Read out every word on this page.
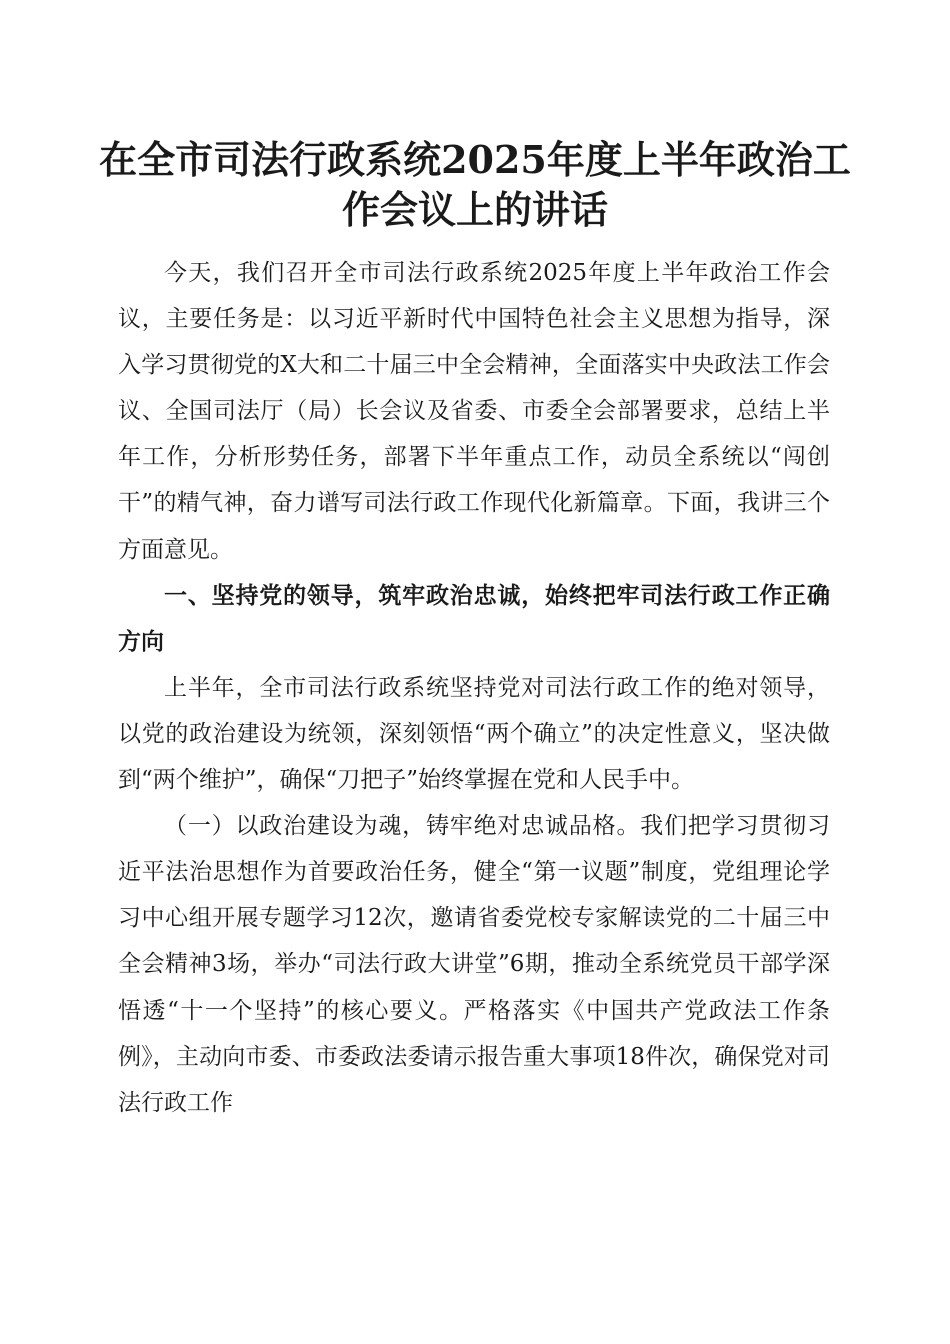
在全市司法行政系统2025年度上半年政治工
作会议上的讲话

今天，我们召开全市司法行政系统2025年度上半年政治工作会议，主要任务是：以习近平新时代中国特色社会主义思想为指导，深入学习贯彻党的X大和二十届三中全会精神，全面落实中央政法工作会议、全国司法厅（局）长会议及省委、市委全会部署要求，总结上半年工作，分析形势任务，部署下半年重点工作，动员全系统以“闯创干”的精气神，奋力谱写司法行政工作现代化新篇章。下面，我讲三个方面意见。

一、坚持党的领导，筑牢政治忠诚，始终把牢司法行政工作正确方向

上半年，全市司法行政系统坚持党对司法行政工作的绝对领导，以党的政治建设为统领，深刻领悟“两个确立”的决定性意义，坚决做到“两个维护”，确保“刀把子”始终掌握在党和人民手中。

（一）以政治建设为魂，铸牢绝对忠诚品格。我们把学习贯彻习近平法治思想作为首要政治任务，健全“第一议题”制度，党组理论学习中心组开展专题学习12次，邀请省委党校专家解读党的二十届三中全会精神3场，举办“司法行政大讲堂”6期，推动全系统党员干部学深悟透“十一个坚持”的核心要义。严格落实《中国共产党政法工作条例》，主动向市委、市委政法委请示报告重大事项18件次，确保党对司法行政工作
